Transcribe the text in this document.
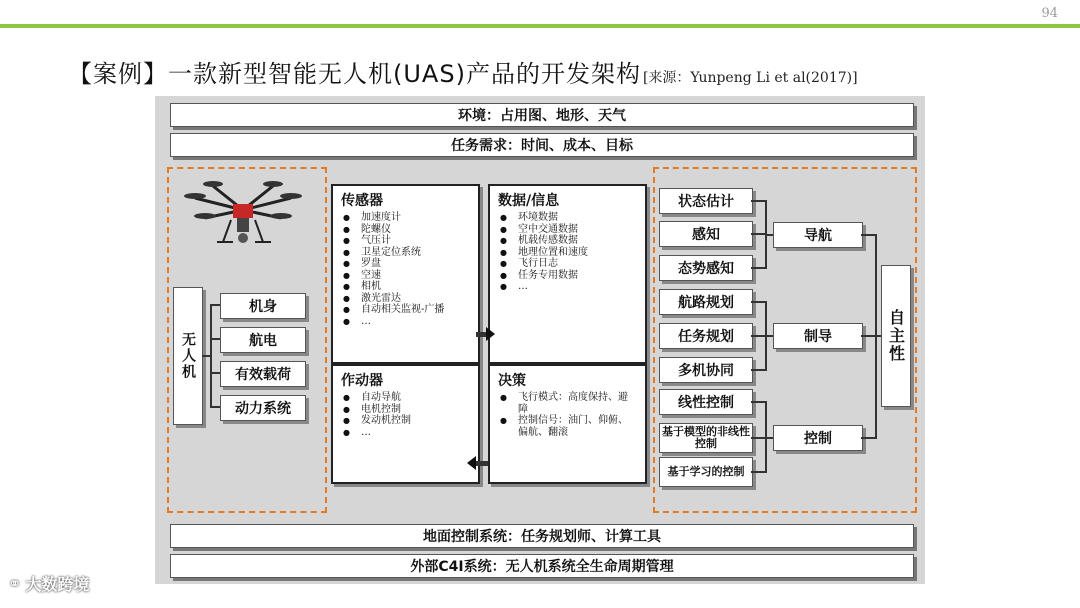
94
【案例】一款新型智能无人机(UAS)产品的开发架构 [来源：Yunpeng Li et al(2017)]
环境：占用图、地形、天气
任务需求：时间、成本、目标
无人机
机身
航电
有效载荷
动力系统
传感器
● 加速度计
● 陀螺仪
● 气压计
● 卫星定位系统
● 罗盘
● 空速
● 相机
● 激光雷达
● 自动相关监视-广播
● …
数据/信息
● 环境数据
● 空中交通数据
● 机载传感数据
● 地理位置和速度
● 飞行日志
● 任务专用数据
● …
作动器
● 自动导航
● 电机控制
● 发动机控制
● …
决策
● 飞行模式：高度保持、避障
● 控制信号：油门、仰俯、偏航、翻滚
状态估计
感知
态势感知
航路规划
任务规划
多机协同
线性控制
基于模型的非线性控制
基于学习的控制
导航
制导
控制
自主性
地面控制系统：任务规划师、计算工具
外部C4I系统：无人机系统全生命周期管理
⚭ 大数跨境
